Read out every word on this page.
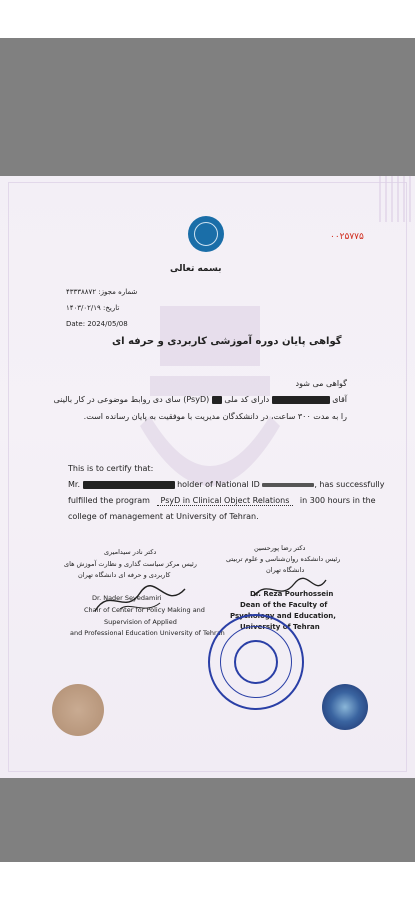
۰۰۲۵۷۷۵
بسمه تعالی
شماره مجوز: ۴۳۳۳۸۸۷۲
تاریخ: ۱۴۰۳/۰۲/۱۹
Date: 2024/05/08
گواهی پایان دوره آموزشی کاربردی و حرفه ای
گواهی می شود
آقای  دارای کد ملی  (PsyD) سای دی روابط موضوعی در کار بالینی
را به مدت ۳۰۰ ساعت، در دانشکدگان مدیریت با موفقیت به پایان رسانده است.
This is to certify that:
Mr.	holder of National ID	, has successfully
fulfilled the program PsyD in Clinical Object Relations in 300 hours in the
college of management at University of Tehran.
دکتر نادر سیدامیری
رئیس مرکز سیاست گذاری و نظارت آموزش های
کاربردی و حرفه ای دانشگاه تهران
دکتر رضا پورحسین
رئیس دانشکده روان‌شناسی و علوم تربیتی
دانشگاه تهران
Dr. Nader Seyedamiri
Chair of Center for Policy Making and
Supervision of Applied
and Professional Education University of Tehran
Dr. Reza Pourhossein
Dean of the Faculty of
Psychology and Education,
University of Tehran
